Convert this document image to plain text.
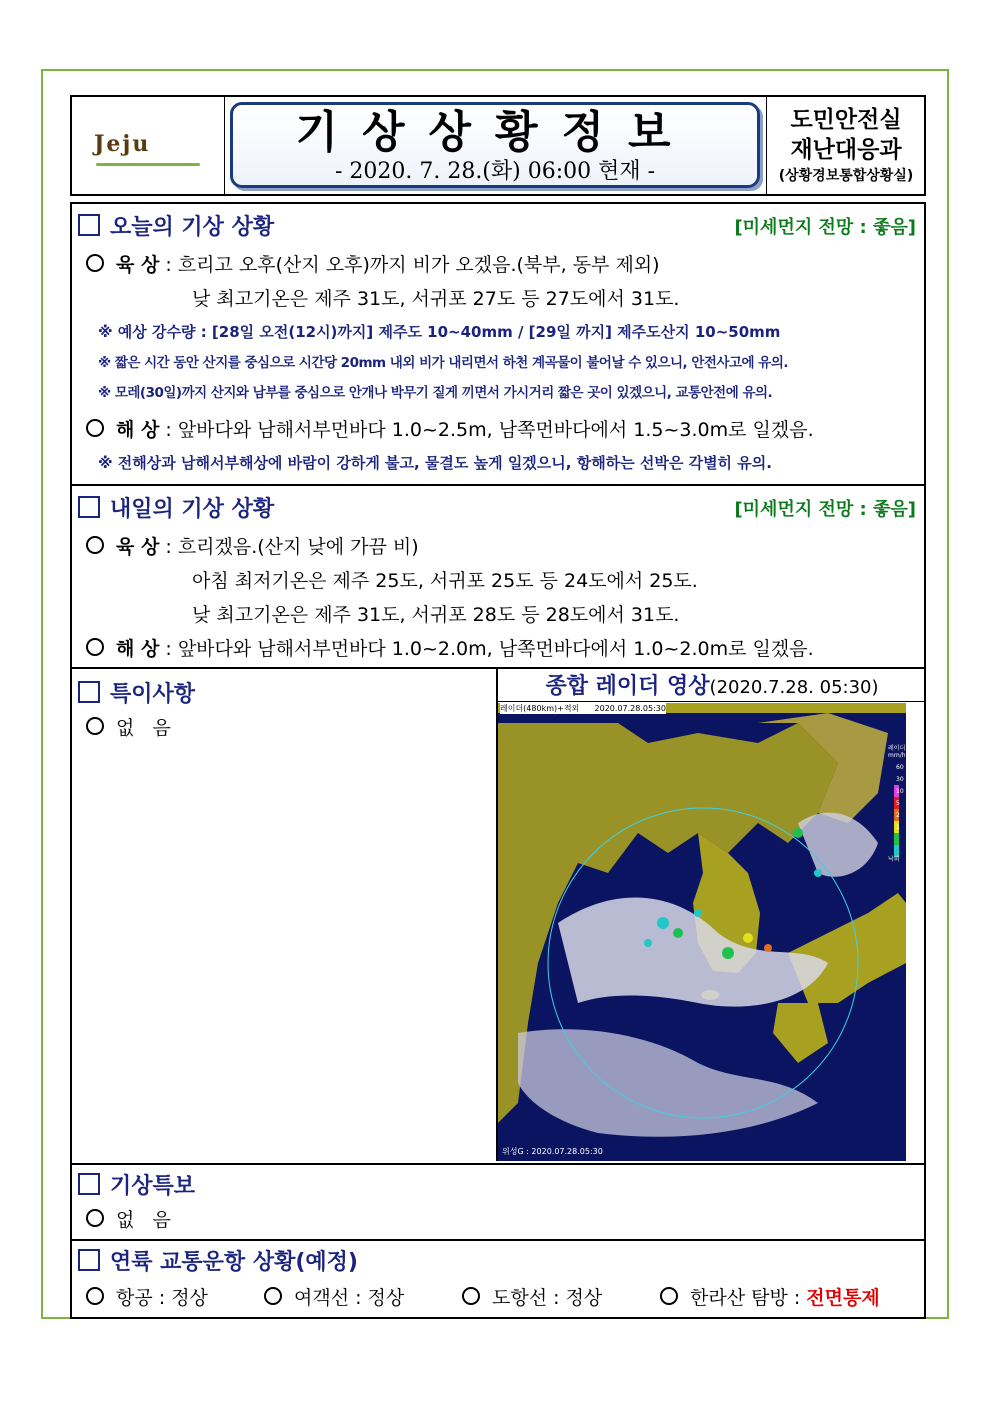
Jeju	기상상황정보
- 2020. 7. 28.(화) 06:00 현재 -
도민안전실
재난대응과
(상황경보통합상황실)
오늘의 기상 상황	[미세먼지 전망 : 좋음]
육 상 : 흐리고 오후(산지 오후)까지 비가 오겠음.(북부, 동부 제외)
낮 최고기온은 제주 31도, 서귀포 27도 등 27도에서 31도.
※ 예상 강수량 : [28일 오전(12시)까지] 제주도 10~40mm / [29일 까지] 제주도산지 10~50mm
※ 짧은 시간 동안 산지를 중심으로 시간당 20mm 내외 비가 내리면서 하천 계곡물이 불어날 수 있으니, 안전사고에 유의.
※ 모레(30일)까지 산지와 남부를 중심으로 안개나 박무기 짙게 끼면서 가시거리 짧은 곳이 있겠으니, 교통안전에 유의.
해 상 : 앞바다와 남해서부먼바다 1.0~2.5m, 남쪽먼바다에서 1.5~3.0m로 일겠음.
※ 전해상과 남해서부해상에 바람이 강하게 불고, 물결도 높게 일겠으니, 항해하는 선박은 각별히 유의.
내일의 기상 상황	[미세먼지 전망 : 좋음]
육 상 : 흐리겠음.(산지 낮에 가끔 비)
아침 최저기온은 제주 25도, 서귀포 25도 등 24도에서 25도.
낮 최고기온은 제주 31도, 서귀포 28도 등 28도에서 31도.
해 상 : 앞바다와 남해서부먼바다 1.0~2.0m, 남쪽먼바다에서 1.0~2.0m로 일겠음.
특이사항
없   음
종합 레이더 영상(2020.7.28. 05:30)
레이더(480km)+적외      2020.07.28.05:30
위성G : 2020.07.28.05:30
레이더
mm/h
60
30
10
5
2
1
낙뢰
기상특보
없   음
연륙 교통운항 상황(예정)
항공 : 정상	여객선 : 정상	도항선 : 정상	한라산 탐방 : 전면통제
